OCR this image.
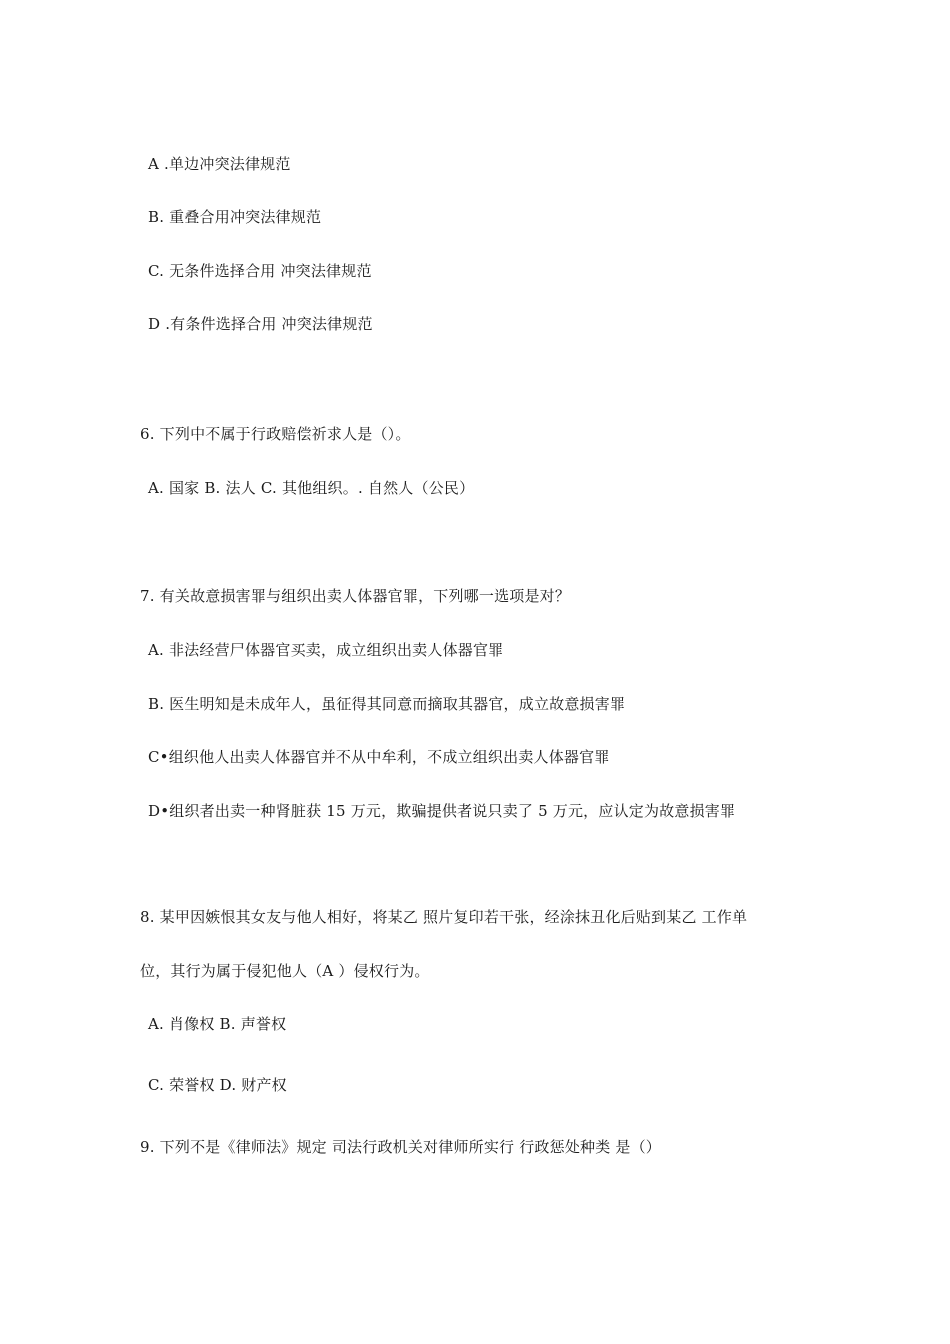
A .单边冲突法律规范
B. 重叠合用冲突法律规范
C. 无条件选择合用 冲突法律规范
D .有条件选择合用 冲突法律规范
6. 下列中不属于行政赔偿祈求人是（）。
A. 国家 B. 法人 C. 其他组织。. 自然人（公民）
7. 有关故意损害罪与组织出卖人体器官罪，下列哪一选项是对？
A. 非法经营尸体器官买卖，成立组织出卖人体器官罪
B. 医生明知是未成年人，虽征得其同意而摘取其器官，成立故意损害罪
C•组织他人出卖人体器官并不从中牟利，不成立组织出卖人体器官罪
D•组织者出卖一种肾脏获 15 万元，欺骗提供者说只卖了 5 万元，应认定为故意损害罪
8. 某甲因嫉恨其女友与他人相好，将某乙 照片复印若干张，经涂抹丑化后贴到某乙 工作单
位，其行为属于侵犯他人（A ）侵权行为。
A. 肖像权 B. 声誉权
C. 荣誉权 D. 财产权
9. 下列不是《律师法》规定 司法行政机关对律师所实行 行政惩处种类 是（）
